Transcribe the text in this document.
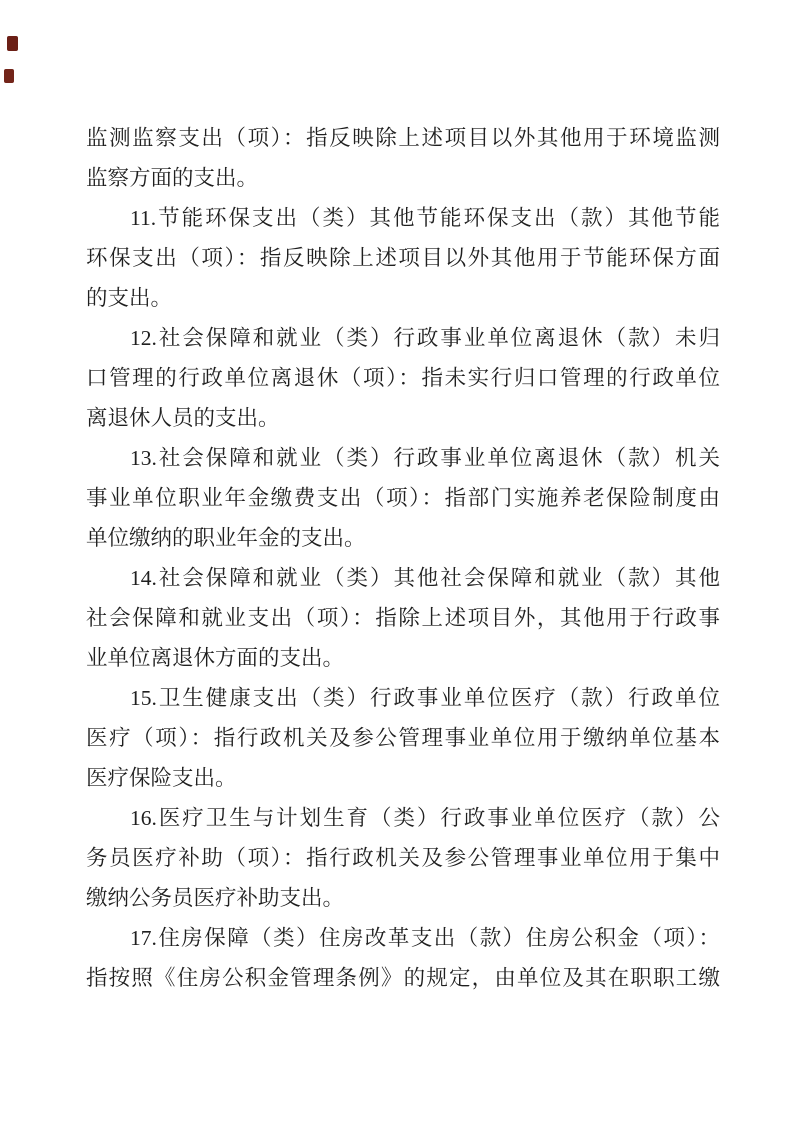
监测监察支出（项）：指反映除上述项目以外其他用于环境监测
监察方面的支出。
11.节能环保支出（类）其他节能环保支出（款）其他节能
环保支出（项）：指反映除上述项目以外其他用于节能环保方面
的支出。
12.社会保障和就业（类）行政事业单位离退休（款）未归
口管理的行政单位离退休（项）：指未实行归口管理的行政单位
离退休人员的支出。
13.社会保障和就业（类）行政事业单位离退休（款）机关
事业单位职业年金缴费支出（项）：指部门实施养老保险制度由
单位缴纳的职业年金的支出。
14.社会保障和就业（类）其他社会保障和就业（款）其他
社会保障和就业支出（项）：指除上述项目外，其他用于行政事
业单位离退休方面的支出。
15.卫生健康支出（类）行政事业单位医疗（款）行政单位
医疗（项）：指行政机关及参公管理事业单位用于缴纳单位基本
医疗保险支出。
16.医疗卫生与计划生育（类）行政事业单位医疗（款）公
务员医疗补助（项）：指行政机关及参公管理事业单位用于集中
缴纳公务员医疗补助支出。
17.住房保障（类）住房改革支出（款）住房公积金（项）：
指按照《住房公积金管理条例》的规定，由单位及其在职职工缴
